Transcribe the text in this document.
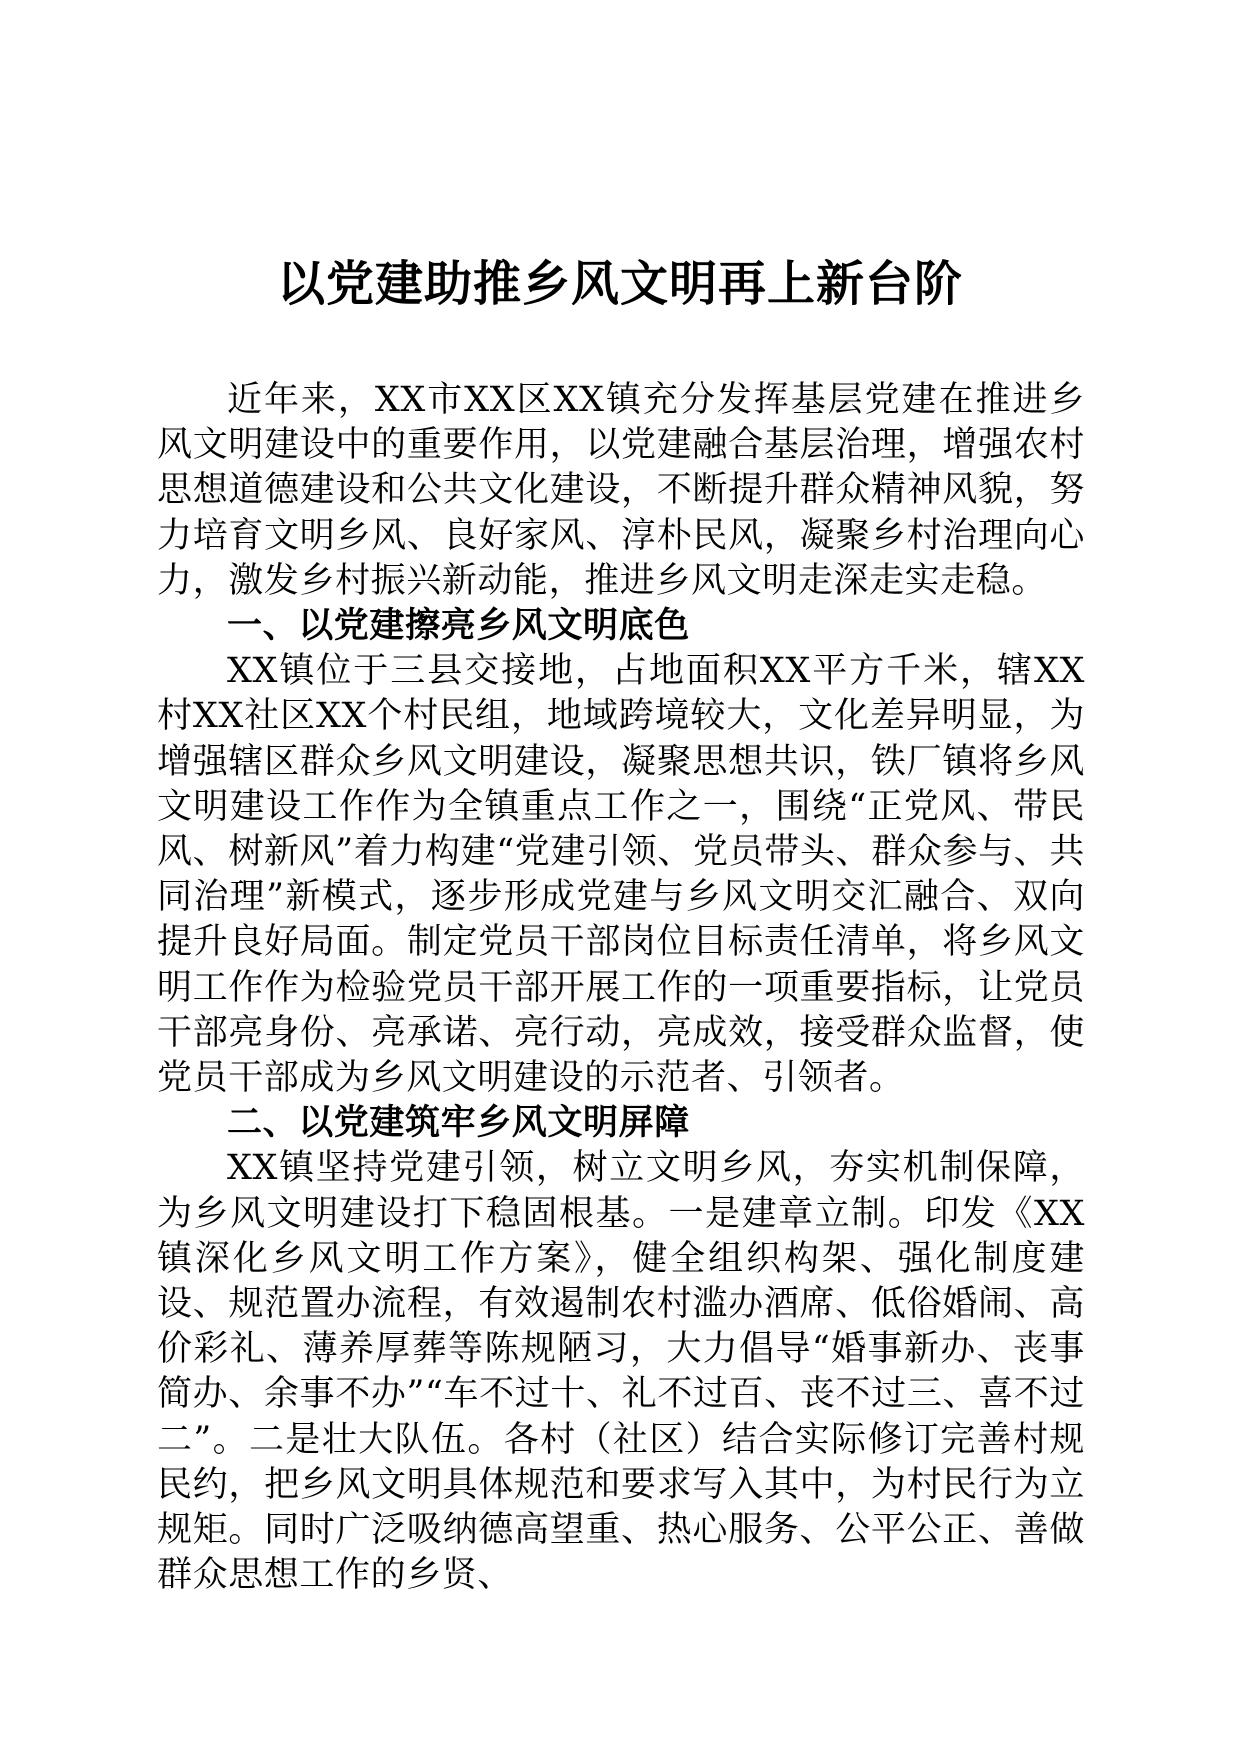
以党建助推乡风文明再上新台阶

近年来，XX市XX区XX镇充分发挥基层党建在推进乡风文明建设中的重要作用，以党建融合基层治理，增强农村思想道德建设和公共文化建设，不断提升群众精神风貌，努力培育文明乡风、良好家风、淳朴民风，凝聚乡村治理向心力，激发乡村振兴新动能，推进乡风文明走深走实走稳。

一、以党建擦亮乡风文明底色

XX镇位于三县交接地，占地面积XX平方千米，辖XX村XX社区XX个村民组，地域跨境较大，文化差异明显，为增强辖区群众乡风文明建设，凝聚思想共识，铁厂镇将乡风文明建设工作作为全镇重点工作之一，围绕“正党风、带民风、树新风”着力构建“党建引领、党员带头、群众参与、共同治理”新模式，逐步形成党建与乡风文明交汇融合、双向提升良好局面。制定党员干部岗位目标责任清单，将乡风文明工作作为检验党员干部开展工作的一项重要指标，让党员干部亮身份、亮承诺、亮行动，亮成效，接受群众监督，使党员干部成为乡风文明建设的示范者、引领者。

二、以党建筑牢乡风文明屏障

XX镇坚持党建引领，树立文明乡风，夯实机制保障，为乡风文明建设打下稳固根基。一是建章立制。印发《XX镇深化乡风文明工作方案》，健全组织构架、强化制度建设、规范置办流程，有效遏制农村滥办酒席、低俗婚闹、高价彩礼、薄养厚葬等陈规陋习，大力倡导“婚事新办、丧事简办、余事不办”“车不过十、礼不过百、丧不过三、喜不过二”。二是壮大队伍。各村（社区）结合实际修订完善村规民约，把乡风文明具体规范和要求写入其中，为村民行为立规矩。同时广泛吸纳德高望重、热心服务、公平公正、善做群众思想工作的乡贤、
